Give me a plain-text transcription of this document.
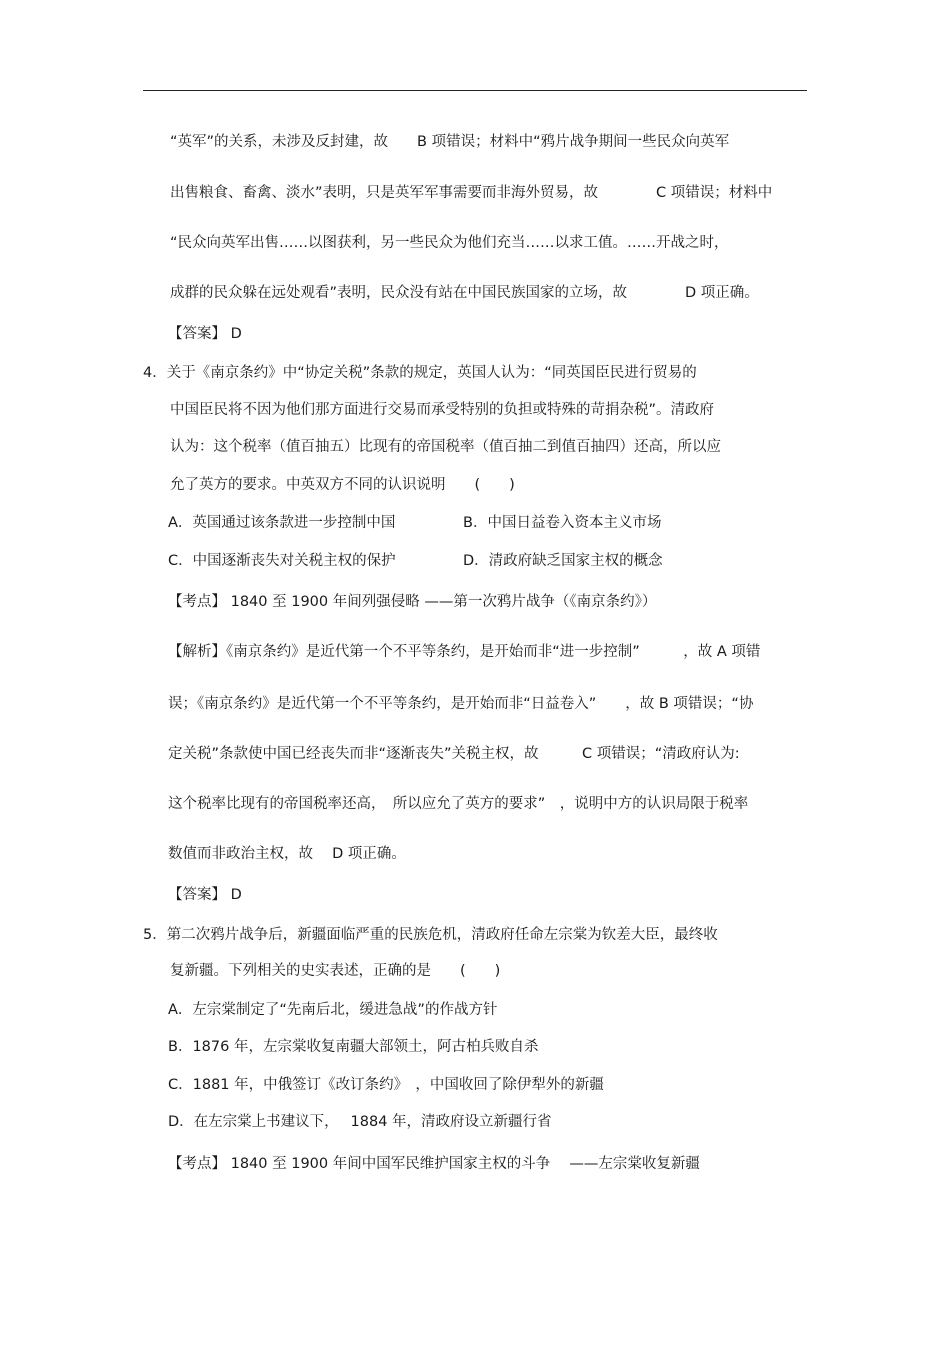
“英军”的关系，未涉及反封建，故　　B 项错误；材料中“鸦片战争期间一些民众向英军
出售粮食、畜禽、淡水”表明，只是英军军事需要而非海外贸易，故　　　　C 项错误；材料中
“民众向英军出售……以图获利，另一些民众为他们充当……以求工值。……开战之时，
成群的民众躲在远处观看”表明，民众没有站在中国民族国家的立场，故　　　　D 项正确。
【答案】 D
4．关于《南京条约》中“协定关税”条款的规定，英国人认为：“同英国臣民进行贸易的
中国臣民将不因为他们那方面进行交易而承受特别的负担或特殊的苛捐杂税”。清政府
认为：这个税率（值百抽五）比现有的帝国税率（值百抽二到值百抽四）还高，所以应
允了英方的要求。中英双方不同的认识说明　　(　　)
A．英国通过该条款进一步控制中国	B．中国日益卷入资本主义市场
C．中国逐渐丧失对关税主权的保护	D．清政府缺乏国家主权的概念
【考点】 1840 至 1900 年间列强侵略 ——第一次鸦片战争（《南京条约》）
【解析】《南京条约》是近代第一个不平等条约，是开始而非“进一步控制”　　　，故 A 项错
误；《南京条约》是近代第一个不平等条约，是开始而非“日益卷入”　　，故 B 项错误；“协
定关税”条款使中国已经丧失而非“逐渐丧失”关税主权，故　　　C 项错误；“清政府认为:
这个税率比现有的帝国税率还高，　所以应允了英方的要求”　，说明中方的认识局限于税率
数值而非政治主权，故　 D 项正确。
【答案】 D
5．第二次鸦片战争后，新疆面临严重的民族危机，清政府任命左宗棠为钦差大臣，最终收
复新疆。下列相关的史实表述，正确的是　　(　　)
A．左宗棠制定了“先南后北，缓进急战”的作战方针
B．1876 年，左宗棠收复南疆大部领土，阿古柏兵败自杀
C．1881 年，中俄签订《改订条约》　，中国收回了除伊犁外的新疆
D．在左宗棠上书建议下，　 1884 年，清政府设立新疆行省
【考点】 1840 至 1900 年间中国军民维护国家主权的斗争　 ——左宗棠收复新疆
